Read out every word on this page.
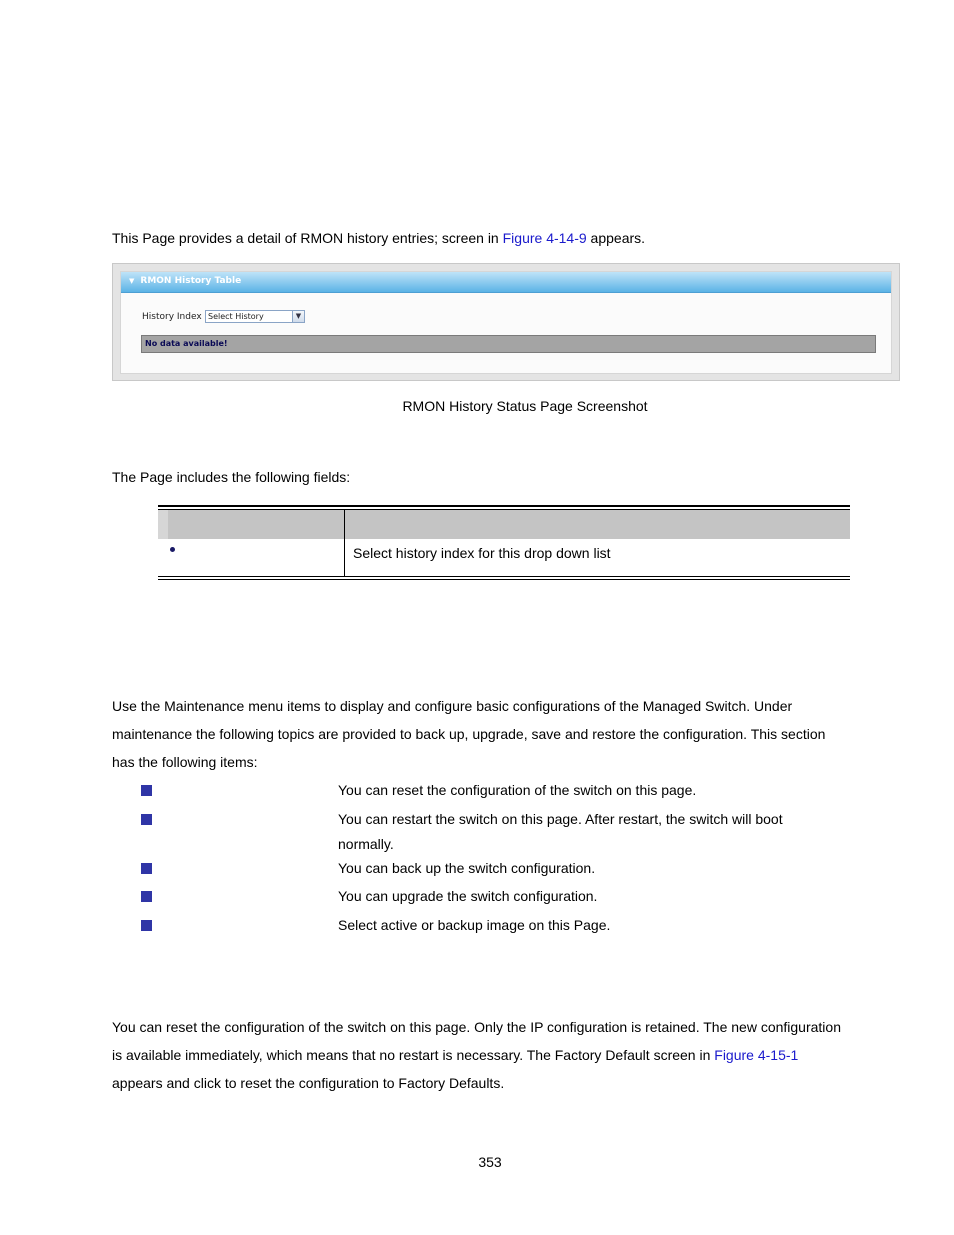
This Page provides a detail of RMON history entries; screen in Figure 4-14-9 appears.

▼ RMON History Table
History Index Select History	▼
No data available!

RMON History Status Page Screenshot

The Page includes the following fields:

Select history index for this drop down list

Use the Maintenance menu items to display and configure basic configurations of the Managed Switch. Under

maintenance the following topics are provided to back up, upgrade, save and restore the configuration. This section

has the following items:

You can reset the configuration of the switch on this page.

You can restart the switch on this page. After restart, the switch will boot

normally.

You can back up the switch configuration.

You can upgrade the switch configuration.

Select active or backup image on this Page.

You can reset the configuration of the switch on this page. Only the IP configuration is retained. The new configuration

is available immediately, which means that no restart is necessary. The Factory Default screen in Figure 4-15-1

appears and click to reset the configuration to Factory Defaults.

353
